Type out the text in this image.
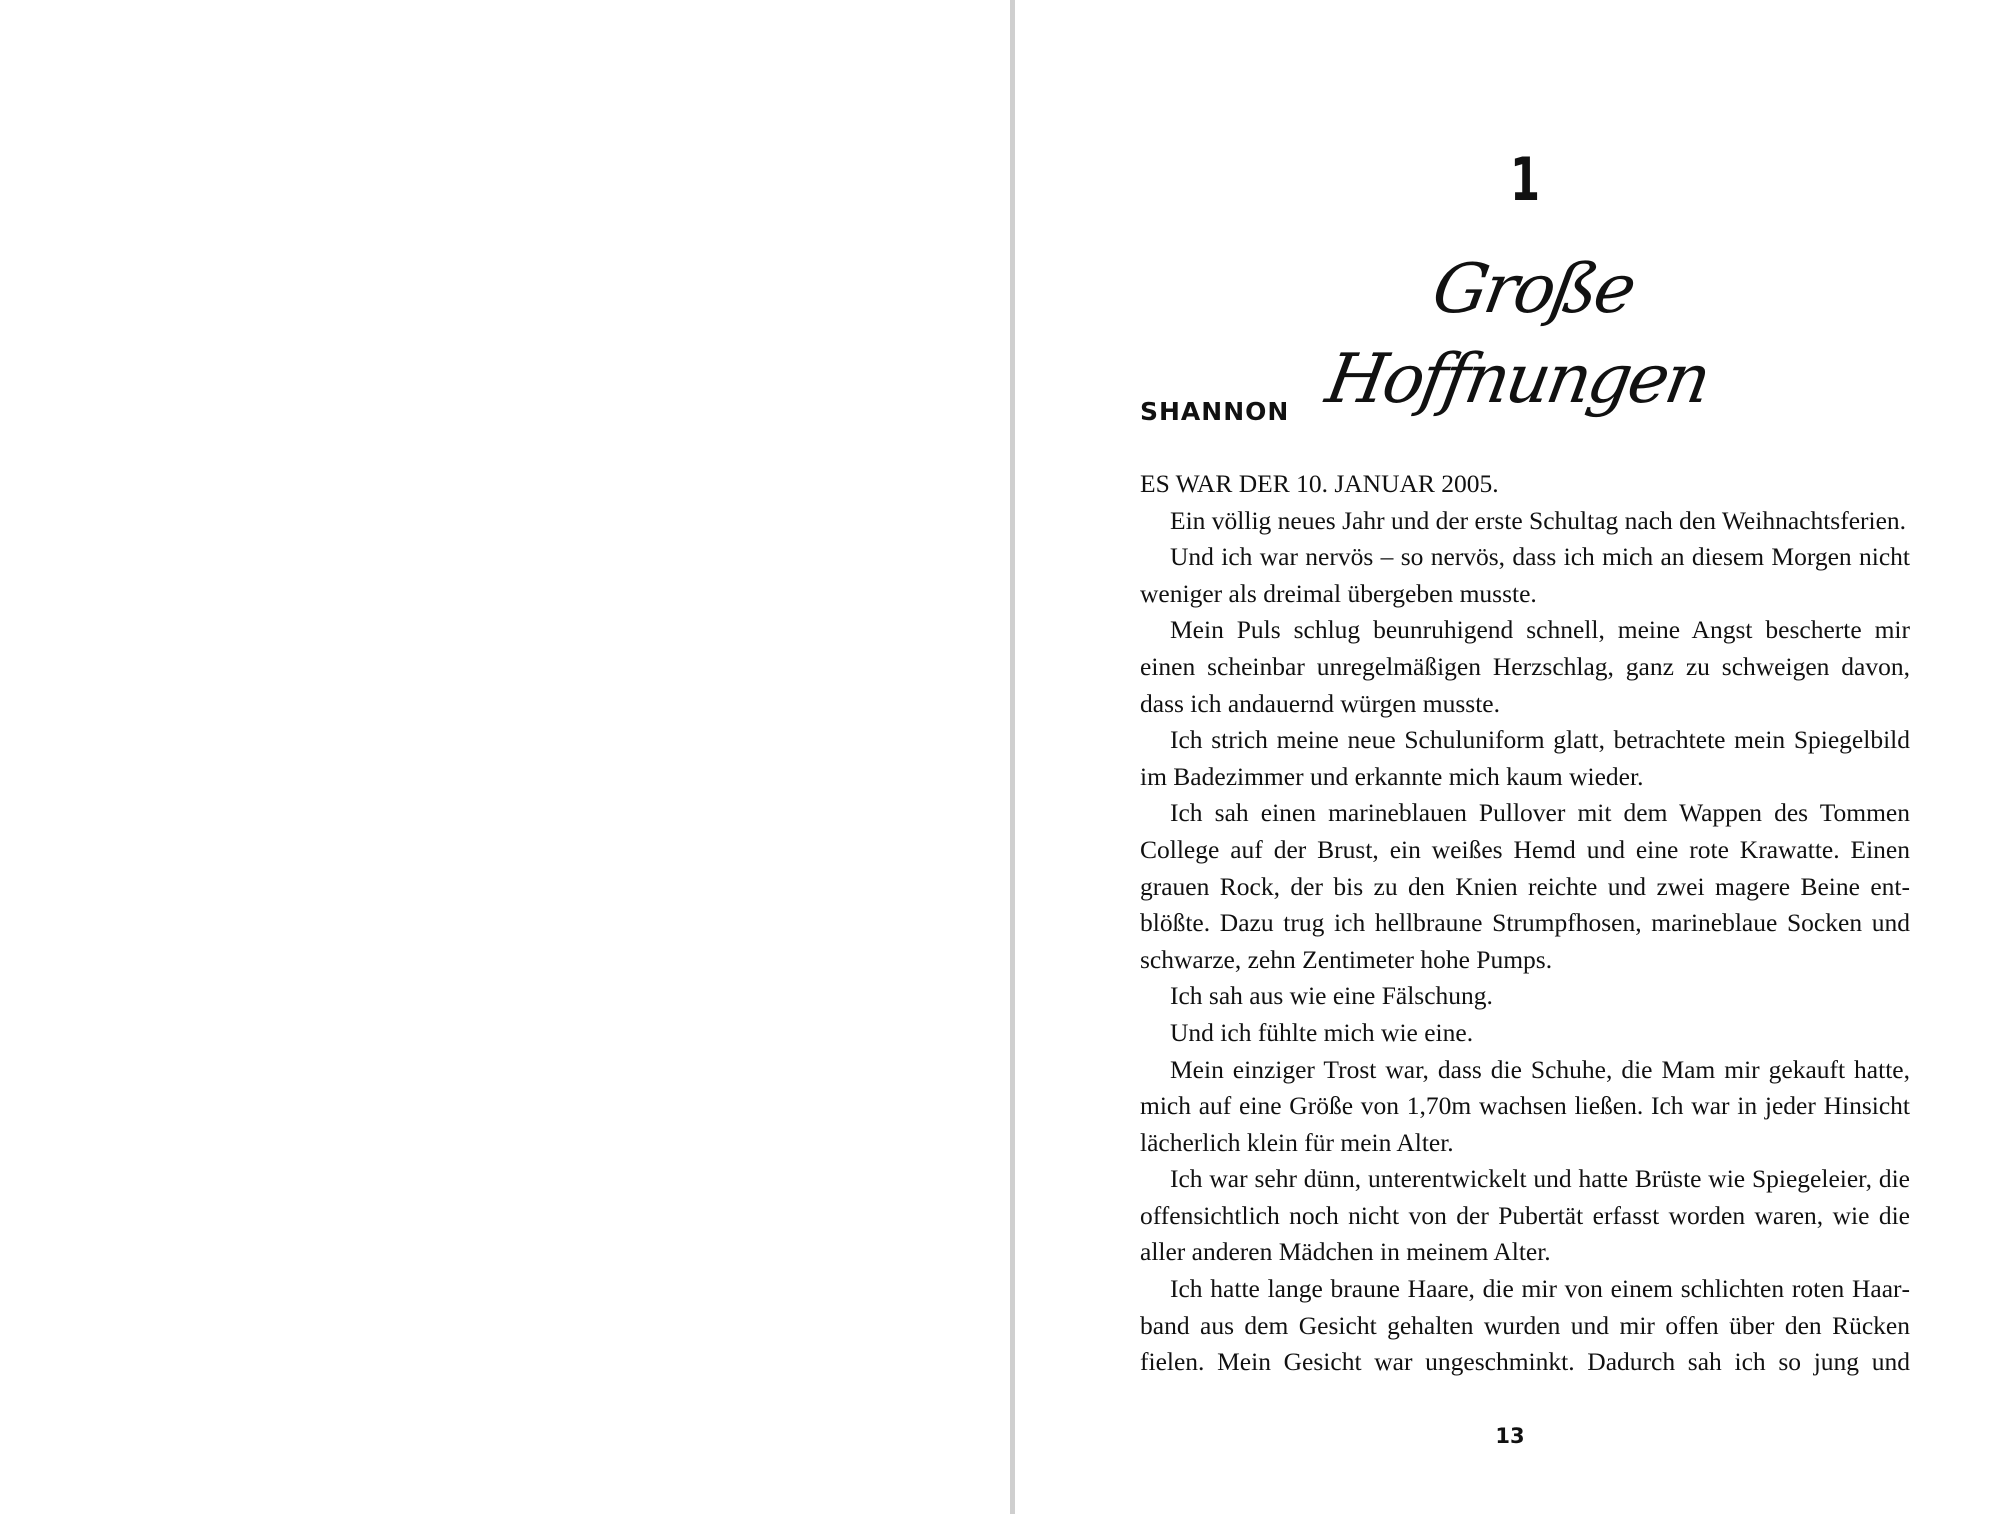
1
Große Hoffnungen
SHANNON

ES WAR DER 10. JANUAR 2005.

Ein völlig neues Jahr und der erste Schultag nach den Weihnachtsferien.

Und ich war nervös – so nervös, dass ich mich an diesem Morgen nicht weniger als dreimal übergeben musste.

Mein Puls schlug beunruhigend schnell, meine Angst bescherte mir einen scheinbar unregelmäßigen Herzschlag, ganz zu schweigen davon, dass ich andauernd würgen musste.

Ich strich meine neue Schuluniform glatt, betrachtete mein Spiegelbild im Badezimmer und erkannte mich kaum wieder.

Ich sah einen marineblauen Pullover mit dem Wappen des Tommen College auf der Brust, ein weißes Hemd und eine rote Krawatte. Einen grauen Rock, der bis zu den Knien reichte und zwei magere Beine entblößte. Dazu trug ich hellbraune Strumpfhosen, marineblaue Socken und schwarze, zehn Zentimeter hohe Pumps.

Ich sah aus wie eine Fälschung.

Und ich fühlte mich wie eine.

Mein einziger Trost war, dass die Schuhe, die Mam mir gekauft hatte, mich auf eine Größe von 1,70m wachsen ließen. Ich war in jeder Hinsicht lächerlich klein für mein Alter.

Ich war sehr dünn, unterentwickelt und hatte Brüste wie Spiegeleier, die offensichtlich noch nicht von der Pubertät erfasst worden waren, wie die aller anderen Mädchen in meinem Alter.

Ich hatte lange braune Haare, die mir von einem schlichten roten Haarband aus dem Gesicht gehalten wurden und mir offen über den Rücken fielen. Mein Gesicht war ungeschminkt. Dadurch sah ich so jung und

13
